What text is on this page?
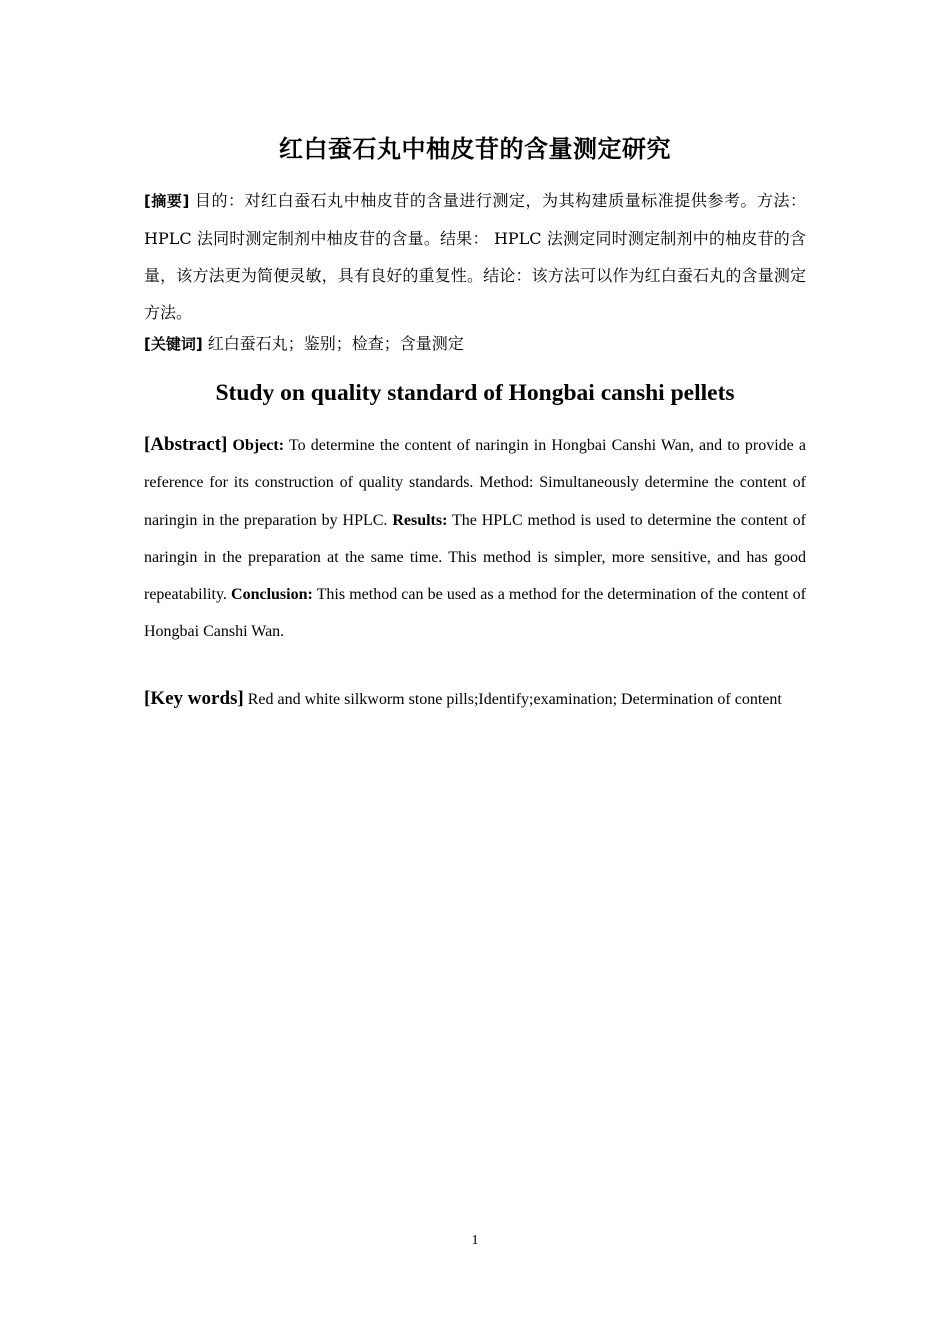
红白蚕石丸中柚皮苷的含量测定研究
[摘要] 目的：对红白蚕石丸中柚皮苷的含量进行测定，为其构建质量标准提供参考。方法：HPLC 法同时测定制剂中柚皮苷的含量。结果： HPLC 法测定同时测定制剂中的柚皮苷的含量，该方法更为简便灵敏，具有良好的重复性。结论：该方法可以作为红白蚕石丸的含量测定方法。
[关键词] 红白蚕石丸；鉴别；检查；含量测定
Study on quality standard of Hongbai canshi pellets
[Abstract] Object: To determine the content of naringin in Hongbai Canshi Wan, and to provide a reference for its construction of quality standards. Method: Simultaneously determine the content of naringin in the preparation by HPLC. Results: The HPLC method is used to determine the content of naringin in the preparation at the same time. This method is simpler, more sensitive, and has good repeatability. Conclusion: This method can be used as a method for the determination of the content of Hongbai Canshi Wan.
[Key words] Red and white silkworm stone pills;Identify;examination; Determination of content
1
